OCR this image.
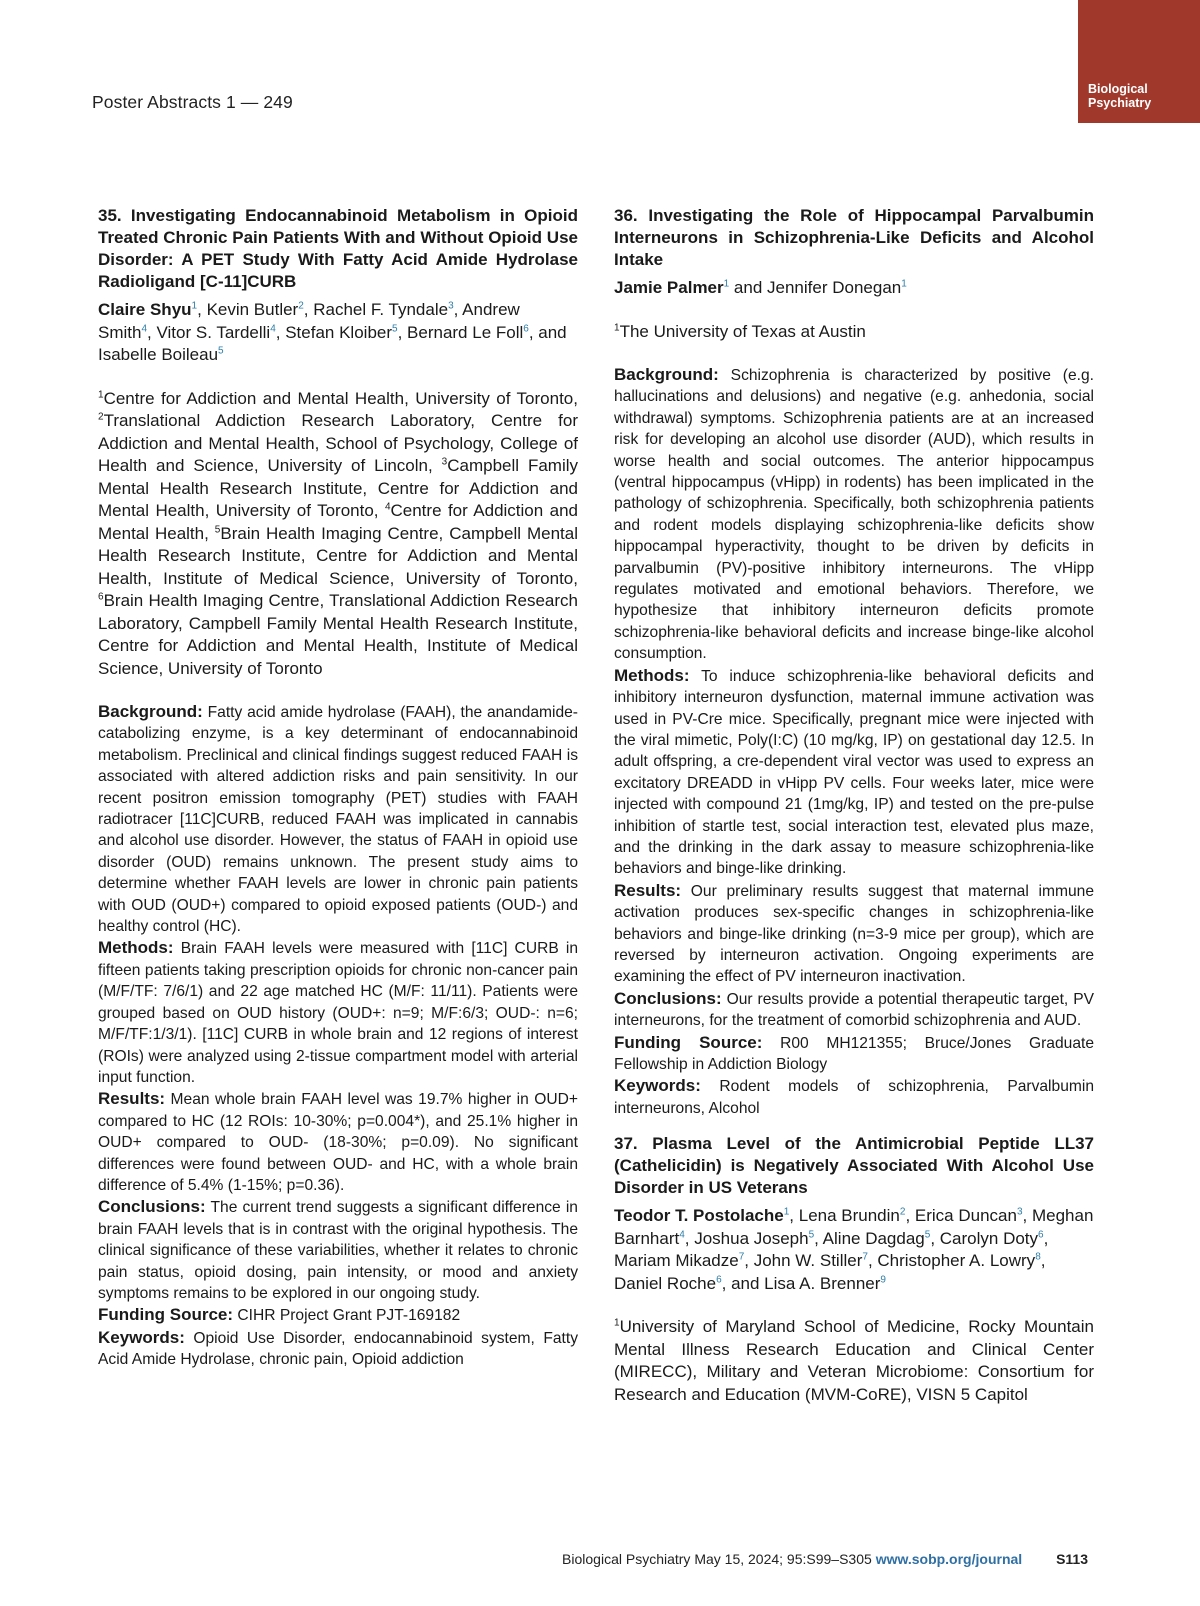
Poster Abstracts 1 — 249
Biological
Psychiatry
35. Investigating Endocannabinoid Metabolism in Opioid Treated Chronic Pain Patients With and Without Opioid Use Disorder: A PET Study With Fatty Acid Amide Hydrolase Radioligand [C-11]CURB
Claire Shyu$^1$, Kevin Butler$^2$, Rachel F. Tyndale$^3$, Andrew Smith$^4$, Vitor S. Tardelli$^4$, Stefan Kloiber$^5$, Bernard Le Foll$^6$, and Isabelle Boileau$^5$
$^1$Centre for Addiction and Mental Health, University of Toronto, $^2$Translational Addiction Research Laboratory, Centre for Addiction and Mental Health, School of Psychology, College of Health and Science, University of Lincoln, $^3$Campbell Family Mental Health Research Institute, Centre for Addiction and Mental Health, University of Toronto, $^4$Centre for Addiction and Mental Health, $^5$Brain Health Imaging Centre, Campbell Mental Health Research Institute, Centre for Addiction and Mental Health, Institute of Medical Science, University of Toronto, $^6$Brain Health Imaging Centre, Translational Addiction Research Laboratory, Campbell Family Mental Health Research Institute, Centre for Addiction and Mental Health, Institute of Medical Science, University of Toronto
Background: Fatty acid amide hydrolase (FAAH), the anandamide-catabolizing enzyme, is a key determinant of endocannabinoid metabolism. Preclinical and clinical findings suggest reduced FAAH is associated with altered addiction risks and pain sensitivity. In our recent positron emission tomography (PET) studies with FAAH radiotracer [11C]CURB, reduced FAAH was implicated in cannabis and alcohol use disorder. However, the status of FAAH in opioid use disorder (OUD) remains unknown. The present study aims to determine whether FAAH levels are lower in chronic pain patients with OUD (OUD+) compared to opioid exposed patients (OUD-) and healthy control (HC).
Methods: Brain FAAH levels were measured with [11C] CURB in fifteen patients taking prescription opioids for chronic non-cancer pain (M/F/TF: 7/6/1) and 22 age matched HC (M/F: 11/11). Patients were grouped based on OUD history (OUD+: n=9; M/F:6/3; OUD-: n=6; M/F/TF:1/3/1). [11C] CURB in whole brain and 12 regions of interest (ROIs) were analyzed using 2-tissue compartment model with arterial input function.
Results: Mean whole brain FAAH level was 19.7% higher in OUD+ compared to HC (12 ROIs: 10-30%; p=0.004*), and 25.1% higher in OUD+ compared to OUD- (18-30%; p=0.09). No significant differences were found between OUD- and HC, with a whole brain difference of 5.4% (1-15%; p=0.36).
Conclusions: The current trend suggests a significant difference in brain FAAH levels that is in contrast with the original hypothesis. The clinical significance of these variabilities, whether it relates to chronic pain status, opioid dosing, pain intensity, or mood and anxiety symptoms remains to be explored in our ongoing study.
Funding Source: CIHR Project Grant PJT-169182
Keywords: Opioid Use Disorder, endocannabinoid system, Fatty Acid Amide Hydrolase, chronic pain, Opioid addiction
36. Investigating the Role of Hippocampal Parvalbumin Interneurons in Schizophrenia-Like Deficits and Alcohol Intake
Jamie Palmer$^1$ and Jennifer Donegan$^1$
$^1$The University of Texas at Austin
Background: Schizophrenia is characterized by positive (e.g. hallucinations and delusions) and negative (e.g. anhedonia, social withdrawal) symptoms. Schizophrenia patients are at an increased risk for developing an alcohol use disorder (AUD), which results in worse health and social outcomes. The anterior hippocampus (ventral hippocampus (vHipp) in rodents) has been implicated in the pathology of schizophrenia. Specifically, both schizophrenia patients and rodent models displaying schizophrenia-like deficits show hippocampal hyperactivity, thought to be driven by deficits in parvalbumin (PV)-positive inhibitory interneurons. The vHipp regulates motivated and emotional behaviors. Therefore, we hypothesize that inhibitory interneuron deficits promote schizophrenia-like behavioral deficits and increase binge-like alcohol consumption.
Methods: To induce schizophrenia-like behavioral deficits and inhibitory interneuron dysfunction, maternal immune activation was used in PV-Cre mice. Specifically, pregnant mice were injected with the viral mimetic, Poly(I:C) (10 mg/kg, IP) on gestational day 12.5. In adult offspring, a cre-dependent viral vector was used to express an excitatory DREADD in vHipp PV cells. Four weeks later, mice were injected with compound 21 (1mg/kg, IP) and tested on the pre-pulse inhibition of startle test, social interaction test, elevated plus maze, and the drinking in the dark assay to measure schizophrenia-like behaviors and binge-like drinking.
Results: Our preliminary results suggest that maternal immune activation produces sex-specific changes in schizophrenia-like behaviors and binge-like drinking (n=3-9 mice per group), which are reversed by interneuron activation. Ongoing experiments are examining the effect of PV interneuron inactivation.
Conclusions: Our results provide a potential therapeutic target, PV interneurons, for the treatment of comorbid schizophrenia and AUD.
Funding Source: R00 MH121355; Bruce/Jones Graduate Fellowship in Addiction Biology
Keywords: Rodent models of schizophrenia, Parvalbumin interneurons, Alcohol
37. Plasma Level of the Antimicrobial Peptide LL37 (Cathelicidin) is Negatively Associated With Alcohol Use Disorder in US Veterans
Teodor T. Postolache$^1$, Lena Brundin$^2$, Erica Duncan$^3$, Meghan Barnhart$^4$, Joshua Joseph$^5$, Aline Dagdag$^5$, Carolyn Doty$^6$, Mariam Mikadze$^7$, John W. Stiller$^7$, Christopher A. Lowry$^8$, Daniel Roche$^6$, and Lisa A. Brenner$^9$
$^1$University of Maryland School of Medicine, Rocky Mountain Mental Illness Research Education and Clinical Center (MIRECC), Military and Veteran Microbiome: Consortium for Research and Education (MVM-CoRE), VISN 5 Capitol
Biological Psychiatry May 15, 2024; 95:S99–S305 www.sobp.org/journal S113
